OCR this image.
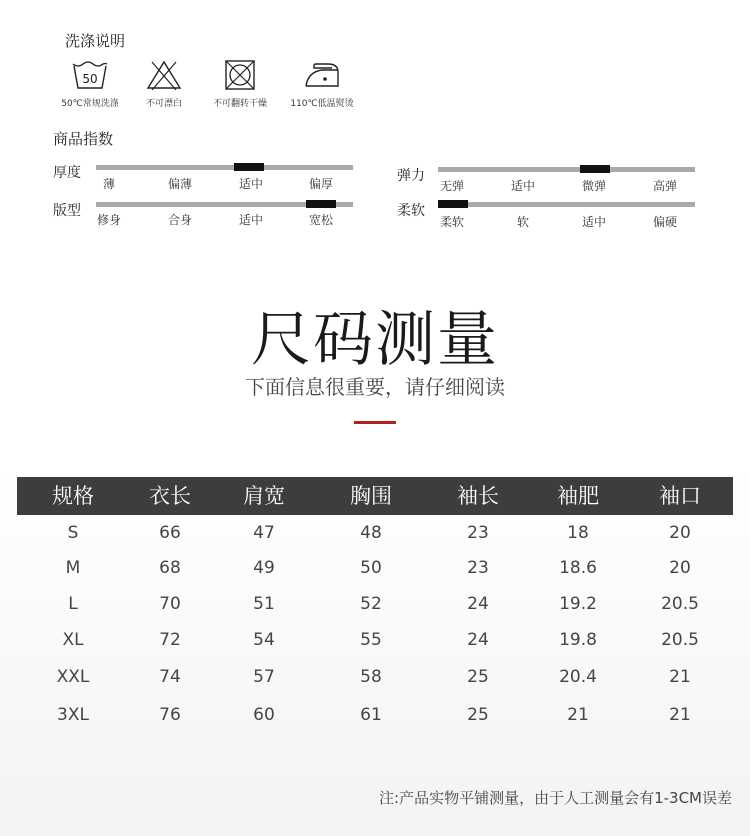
洗涤说明
50
50℃常规洗涤	不可漂白	不可翻转干燥	110℃低温熨烫
商品指数
厚度
薄	偏薄	适中	偏厚
版型
修身	合身	适中	宽松
弹力
无弹	适中	微弹	高弹
柔软
柔软	软	适中	偏硬
尺码测量
下面信息很重要，请仔细阅读
规格	衣长	肩宽	胸围	袖长	袖肥	袖口
S	66	47	48	23	18	20
M	68	49	50	23	18.6	20
L	70	51	52	24	19.2	20.5
XL	72	54	55	24	19.8	20.5
XXL	74	57	58	25	20.4	21
3XL	76	60	61	25	21	21
注:产品实物平铺测量，由于人工测量会有1-3CM误差
